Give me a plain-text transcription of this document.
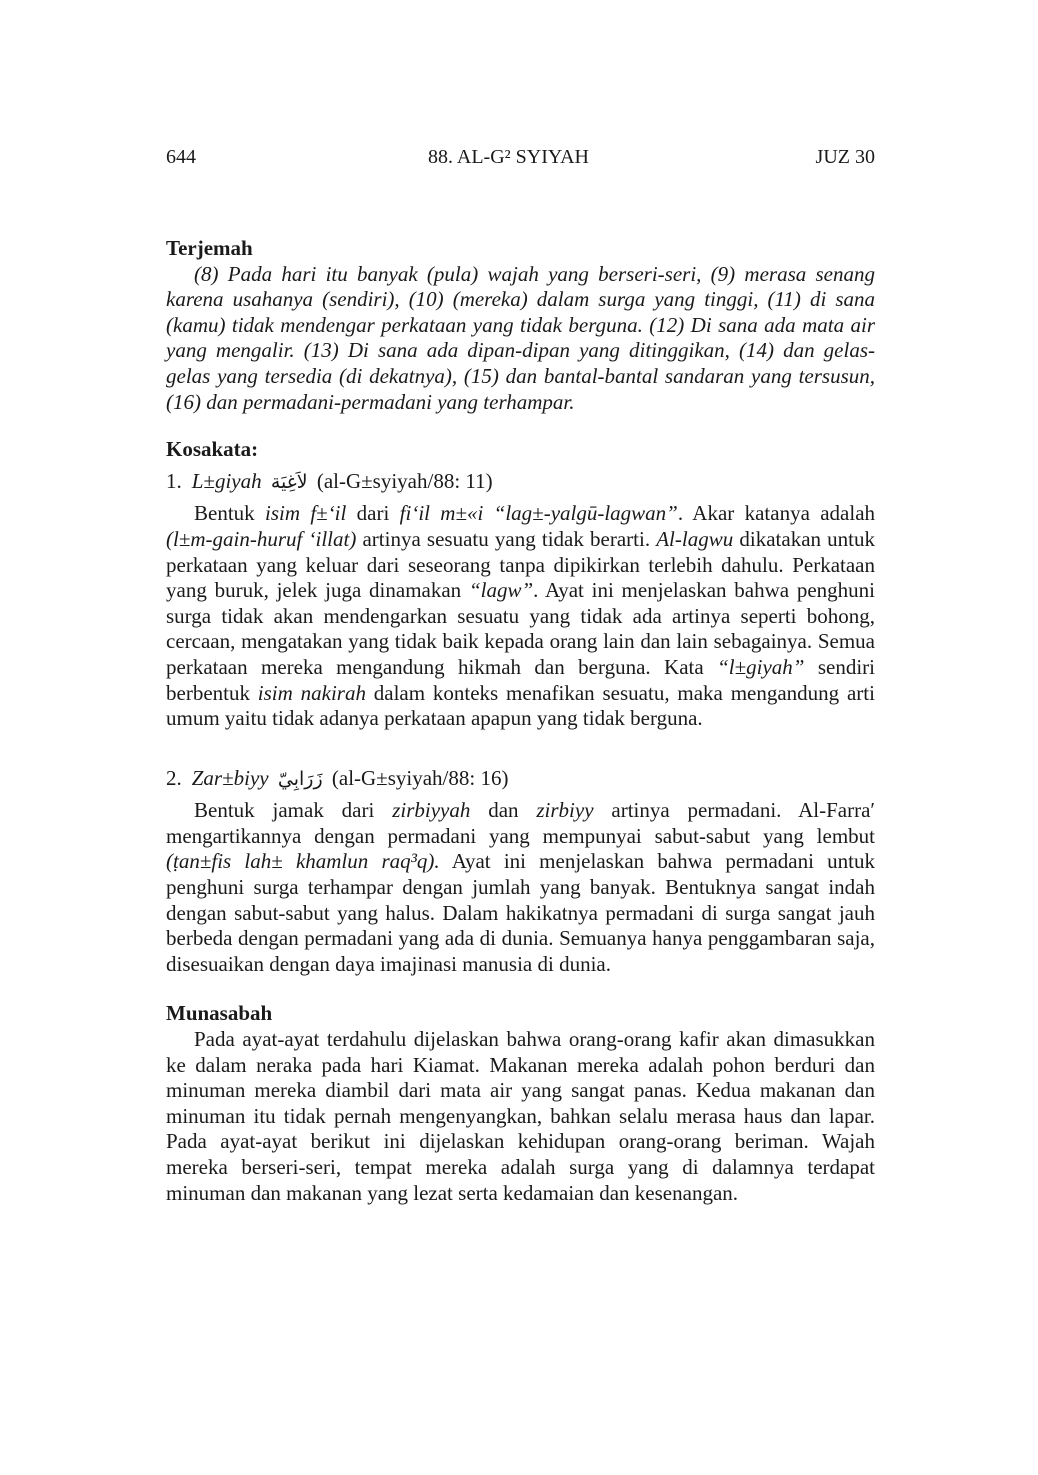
644	88. AL-G² SYIYAH	JUZ 30
Terjemah

(8) Pada hari itu banyak (pula) wajah yang berseri-seri, (9) merasa senang karena usahanya (sendiri), (10) (mereka) dalam surga yang tinggi, (11) di sana (kamu) tidak mendengar perkataan yang tidak berguna. (12) Di sana ada mata air yang mengalir. (13) Di sana ada dipan-dipan yang ditinggikan, (14) dan gelas-gelas yang tersedia (di dekatnya), (15) dan bantal-bantal sandaran yang tersusun, (16) dan permadani-permadani yang terhampar.

Kosakata:

1. L±giyah لاَغِيَة (al-G±syiyah/88: 11)

Bentuk isim f±‘il dari fi‘il m±«i “lag±-yalgū-lagwan”. Akar katanya adalah (l±m-gain-huruf ‘illat) artinya sesuatu yang tidak berarti. Al-lagwu dikatakan untuk perkataan yang keluar dari seseorang tanpa dipikirkan terlebih dahulu. Perkataan yang buruk, jelek juga dinamakan “lagw”. Ayat ini menjelaskan bahwa penghuni surga tidak akan mendengarkan sesuatu yang tidak ada artinya seperti bohong, cercaan, mengatakan yang tidak baik kepada orang lain dan lain sebagainya. Semua perkataan mereka mengandung hikmah dan berguna. Kata “l±giyah” sendiri berbentuk isim nakirah dalam konteks menafikan sesuatu, maka mengandung arti umum yaitu tidak adanya perkataan apapun yang tidak berguna.

2. Zar±biyy زَرَابِيّ (al-G±syiyah/88: 16)

Bentuk jamak dari zirbiyyah dan zirbiyy artinya permadani. Al-Farra′ mengartikannya dengan permadani yang mempunyai sabut-sabut yang lembut (ṭan±fis lah± khamlun raq³q). Ayat ini menjelaskan bahwa permadani untuk penghuni surga terhampar dengan jumlah yang banyak. Bentuknya sangat indah dengan sabut-sabut yang halus. Dalam hakikatnya permadani di surga sangat jauh berbeda dengan permadani yang ada di dunia. Semuanya hanya penggambaran saja, disesuaikan dengan daya imajinasi manusia di dunia.

Munasabah

Pada ayat-ayat terdahulu dijelaskan bahwa orang-orang kafir akan dimasukkan ke dalam neraka pada hari Kiamat. Makanan mereka adalah pohon berduri dan minuman mereka diambil dari mata air yang sangat panas. Kedua makanan dan minuman itu tidak pernah mengenyangkan, bahkan selalu merasa haus dan lapar. Pada ayat-ayat berikut ini dijelaskan kehidupan orang-orang beriman. Wajah mereka berseri-seri, tempat mereka adalah surga yang di dalamnya terdapat minuman dan makanan yang lezat serta kedamaian dan kesenangan.
